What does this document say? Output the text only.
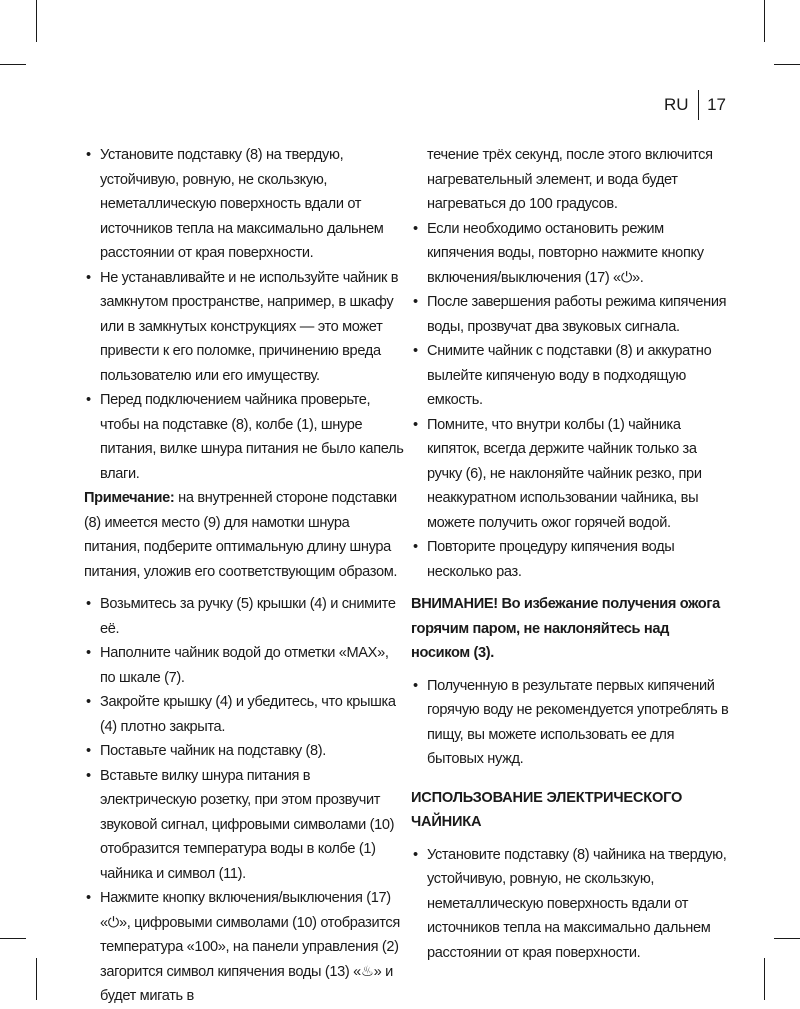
RU	17
• Установите подставку (8) на твердую, устойчивую, ровную, не скользкую, неметаллическую поверхность вдали от источников тепла на максимально дальнем расстоянии от края поверхности.
• Не устанавливайте и не используйте чайник в замкнутом пространстве, например, в шкафу или в замкнутых конструкциях — это может привести к его поломке, причинению вреда пользователю или его имуществу.
• Перед подключением чайника проверьте, чтобы на подставке (8), колбе (1), шнуре питания, вилке шнура питания не было капель влаги.

Примечание: на внутренней стороне подставки (8) имеется место (9) для намотки шнура питания, подберите оптимальную длину шнура питания, уложив его соответствующим образом.

• Возьмитесь за ручку (5) крышки (4) и снимите её.
• Наполните чайник водой до отметки «MAX», по шкале (7).
• Закройте крышку (4) и убедитесь, что крышка (4) плотно закрыта.
• Поставьте чайник на подставку (8).
• Вставьте вилку шнура питания в электрическую розетку, при этом прозвучит звуковой сигнал, цифровыми символами (10) отобразится температура воды в колбе (1) чайника и символ (11).
• Нажмите кнопку включения/выключения (17) «⏻», цифровыми символами (10) отобразится температура «100», на панели управления (2) загорится символ кипячения воды (13) «♨» и будет мигать в
течение трёх секунд, после этого включится нагревательный элемент, и вода будет нагреваться до 100 градусов.
• Если необходимо остановить режим кипячения воды, повторно нажмите кнопку включения/выключения (17) «⏻».
• После завершения работы режима кипячения воды, прозвучат два звуковых сигнала.
• Снимите чайник с подставки (8) и аккуратно вылейте кипяченую воду в подходящую емкость.
• Помните, что внутри колбы (1) чайника кипяток, всегда держите чайник только за ручку (6), не наклоняйте чайник резко, при неаккуратном использовании чайника, вы можете получить ожог горячей водой.
• Повторите процедуру кипячения воды несколько раз.

ВНИМАНИЕ! Во избежание получения ожога горячим паром, не наклоняйтесь над носиком (3).

• Полученную в результате первых кипячений горячую воду не рекомендуется употреблять в пищу, вы можете использовать ее для бытовых нужд.
ИСПОЛЬЗОВАНИЕ ЭЛЕКТРИЧЕСКОГО ЧАЙНИКА
• Установите подставку (8) чайника на твердую, устойчивую, ровную, не скользкую, неметаллическую поверхность вдали от источников тепла на максимально дальнем расстоянии от края поверхности.
